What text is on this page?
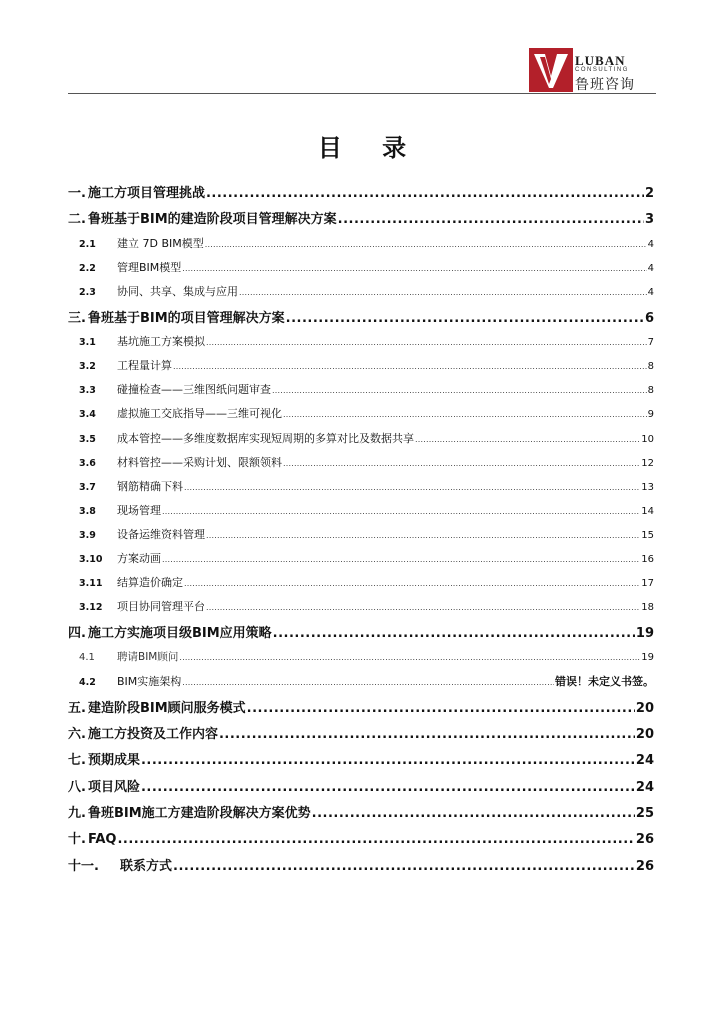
LUBAN
CONSULTING
鲁班咨询
目 录
一. 施工方项目管理挑战 .....	2
二. 鲁班基于BIM的建造阶段项目管理解决方案 .....	3
2.1	建立 7D BIM模型 .....	4
2.2	管理BIM模型 .....	4
2.3	协同、共享、集成与应用 .....	4
三. 鲁班基于BIM的项目管理解决方案 .....	6
3.1	基坑施工方案模拟 .....	7
3.2	工程量计算 .....	8
3.3	碰撞检查——三维图纸问题审查 .....	8
3.4	虚拟施工交底指导——三维可视化 .....	9
3.5	成本管控——多维度数据库实现短周期的多算对比及数据共享 .....	10
3.6	材料管控——采购计划、限额领料 .....	12
3.7	钢筋精确下料 .....	13
3.8	现场管理 .....	14
3.9	设备运维资料管理 .....	15
3.10	方案动画 .....	16
3.11	结算造价确定 .....	17
3.12	项目协同管理平台 .....	18
四. 施工方实施项目级BIM应用策略 .....	19
4.1	聘请BIM顾问 .....	19
4.2	BIM实施架构 .....	错误！未定义书签。
五. 建造阶段BIM顾问服务模式 .....	20
六. 施工方投资及工作内容 .....	20
七. 预期成果 .....	24
八. 项目风险 .....	24
九. 鲁班BIM施工方建造阶段解决方案优势 .....	25
十. FAQ .....	26
十一.	联系方式 .....	26
